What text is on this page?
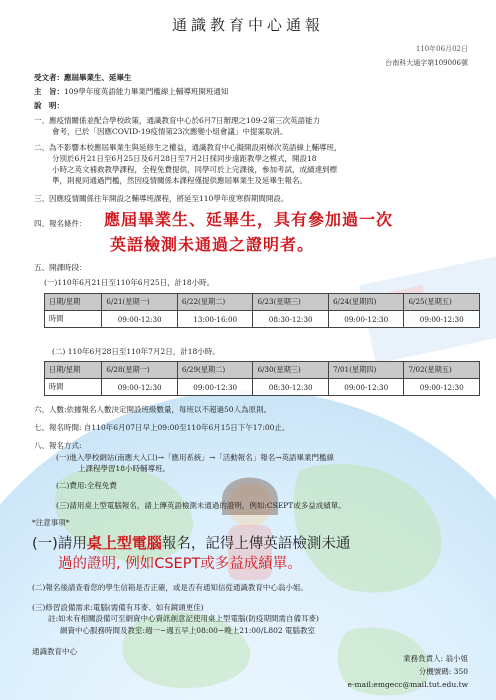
通識教育中心通報
110年06月02日
台南科大通字第109006號
受文者：應屆畢業生、延畢生
主　旨：109學年度英語能力畢業門檻線上輔導班開班通知
說　明：
一、應疫情關係並配合學校政策，通識教育中心於6月7日辦理之109-2第三次英語能力
會考，已於「因應COVID-19疫情第23次應變小組會議」中提案取消。
二、為不影響本校應屆畢業生與延修生之權益，通識教育中心擬開設兩梯次英語線上輔導班，
分別於6月21日至6月25日及6月28日至7月2日採同步遠距教學之模式，開設18
小時之英文補救教學課程，全程免費提供，同學可於上完課後，參加考試，成績達到標
準，則視同通過門檻，然因疫情關係本課程僅提供應屆畢業生及延畢生報名。
三、因應疫情關係往年開設之輔導班課程，將延至110學年度寒假期間開設。
四、報名條件： 應屆畢業生、延畢生，具有參加過一次
英語檢測未通過之證明者。
五、開課時段：
(一)110年6月21日至110年6月25日，計18小時。
日期/星期	6/21(星期一)	6/22(星期二)	6/23(星期三)	6/24(星期四)	6/25(星期五)
時間	09:00-12:30	13:00-16:00	08:30-12:30	09:00-12:30	09:00-12:30
(二) 110年6月28日至110年7月2日，計18小時。
日期/星期	6/28(星期一)	6/29(星期二)	6/30(星期三)	7/01(星期四)	7/02(星期五)
時間	09:00-12:30	09:00-12:30	08:30-12:30	09:00-12:30	09:00-12:30
六、人數:依據報名人數決定開設班級數量，每班以不超過50人為原則。
七、報名時間: 自110年6月07日早上09:00至110年6月15日下午17:00止。
八、報名方式:
(一)進入學校網站(南應大入口)→「應用系統」→「活動報名」報名→英語畢業門檻線
上課程學習18小時輔導班。
(二)費用:全程免費
(三)請用桌上型電腦報名，請上傳英語檢測未通過的證明，例如:CSEPT或多益成績單。
*注意事項*
(一)請用桌上型電腦報名，記得上傳英語檢測未通
過的證明, 例如CSEPT或多益成績單。
(二)報名後請查看您的學生信箱是否正確，或是否有通知信從通識教育中心翁小姐。
(三)修習設備需求:電腦(需備有耳麥、如有鏡頭更佳)
註:如未有相關設備可至網資中心資訊創意記使用桌上型電腦(防疫期間需自備耳麥)
網資中心服務時間及教室:週一~週五早上08:00~晚上21:00/L802 電腦教室
通識教育中心
業務負責人: 翁小姐
分機號碼: 350
e-mail:emgecc@mail.tut.edu.tw
